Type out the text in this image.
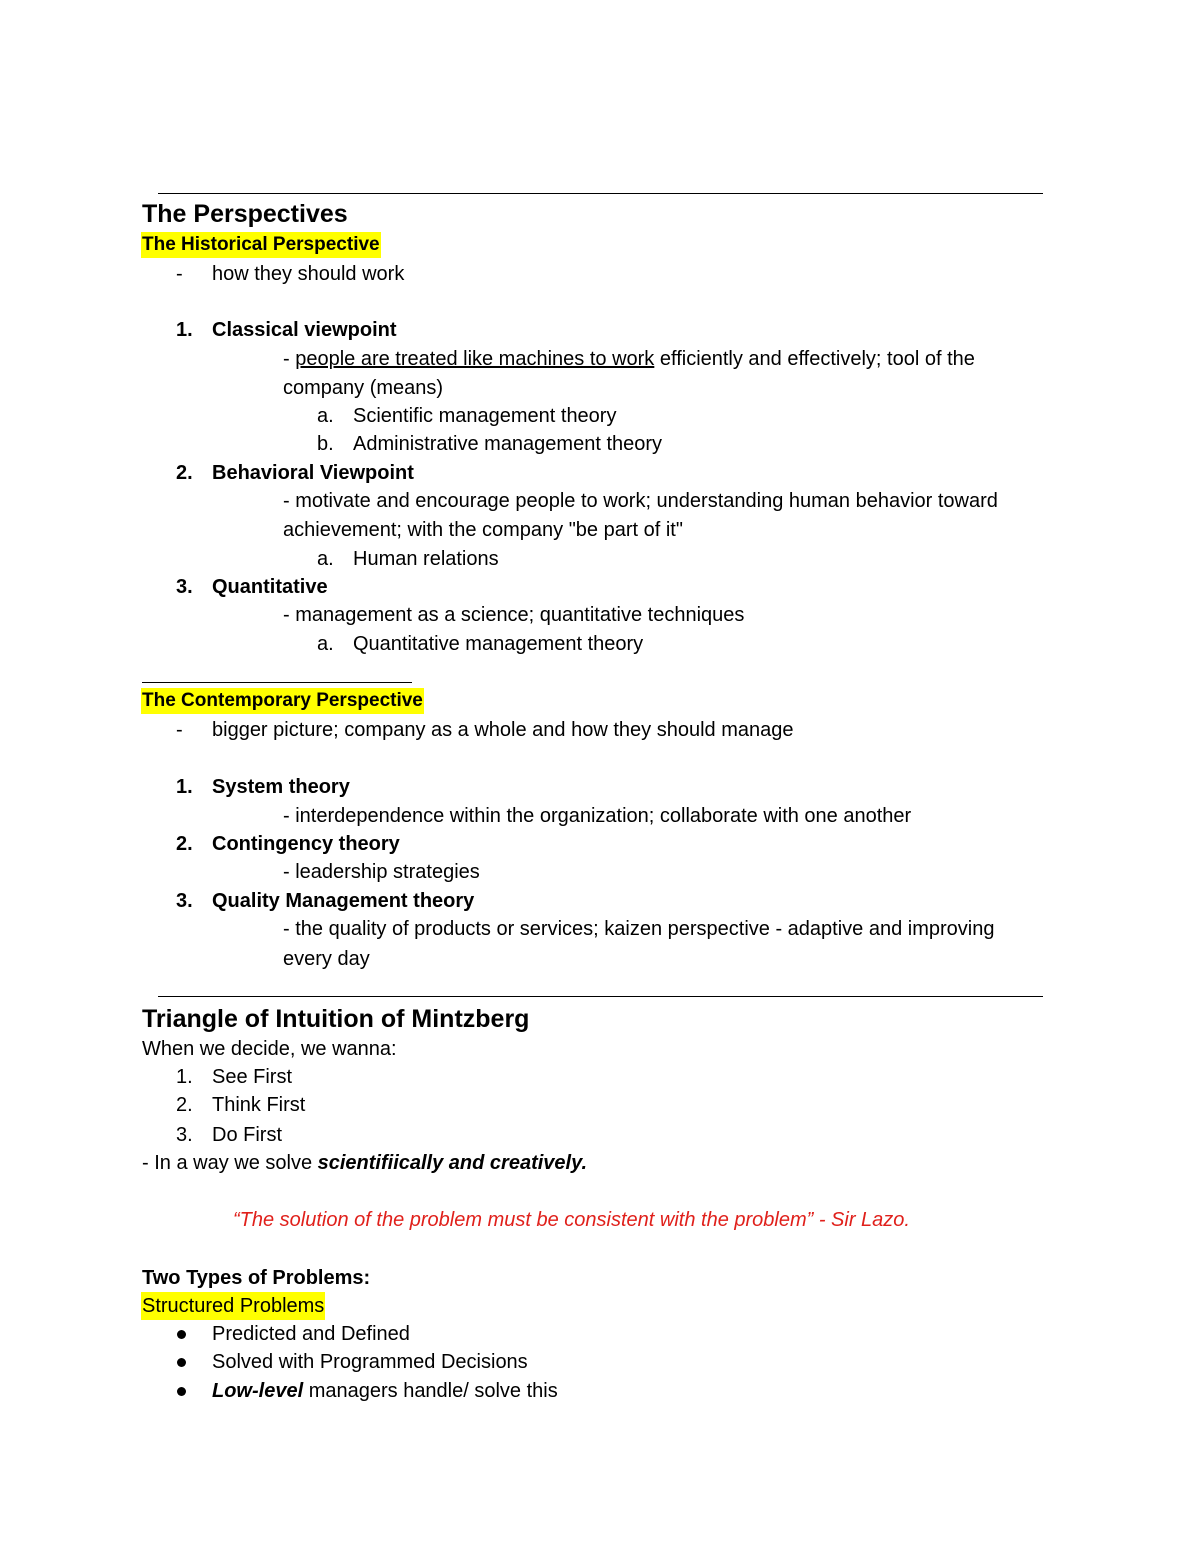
The Perspectives
The Historical Perspective
- how they should work
1. Classical viewpoint
- people are treated like machines to work efficiently and effectively; tool of the
company (means)
a. Scientific management theory
b. Administrative management theory
2. Behavioral Viewpoint
- motivate and encourage people to work; understanding human behavior toward
achievement; with the company "be part of it"
a. Human relations
3. Quantitative
- management as a science; quantitative techniques
a. Quantitative management theory
The Contemporary Perspective
- bigger picture; company as a whole and how they should manage
1. System theory
- interdependence within the organization; collaborate with one another
2. Contingency theory
- leadership strategies
3. Quality Management theory
- the quality of products or services; kaizen perspective - adaptive and improving
every day
Triangle of Intuition of Mintzberg
When we decide, we wanna:
1. See First
2. Think First
3. Do First
- In a way we solve scientifiically and creatively.
“The solution of the problem must be consistent with the problem” - Sir Lazo.
Two Types of Problems:
Structured Problems
Predicted and Defined
Solved with Programmed Decisions
Low-level managers handle/ solve this
